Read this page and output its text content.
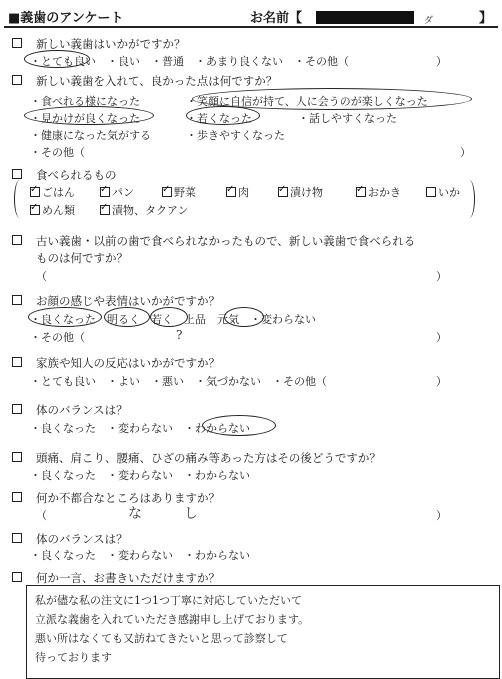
■義歯のアンケート	お名前【	ダ	】
新しい義歯はいかがですか？
・とても良い　・良い　・普通　・あまり良くない　・その他（	）
新しい義歯を入れて、良かった点は何ですか？
・食べれる様になった	・笑顔に自信が持て、人に会うのが楽しくなった
・見かけが良くなった	・若くなった	・話しやすくなった
・健康になった気がする	・歩きやすくなった
・その他（	）
食べられるもの
✓ごはん ✓	パン ✓	野菜 ✓	肉 ✓	漬け物 ✓	おかき	いか
✓めん類 ✓	漬物、タクアン
古い義歯・以前の歯で食べられなかったもので、新しい義歯で食べられる
ものは何ですか？
（	）
お顔の感じや表情はいかがですか？
・良くなった　明るく　若く　上品　元気　・変わらない
・その他（	?	）
家族や知人の反応はいかがですか？
・とても良い　・よい　・悪い　・気づかない　・その他（	）
体のバランスは？
・良くなった　・変わらない　・わからない
頭痛、肩こり、腰痛、ひざの痛み等あった方はその後どうですか？
・良くなった　・変わらない　・わからない
何か不都合なところはありますか？
（	な　　　し	）
体のバランスは？
・良くなった　・変わらない　・わからない
何か一言、お書きいただけますか？
私が儘な私の注文に1つ1つ丁寧に対応していただいて
立派な義歯を入れていただき感謝申し上げております。
悪い所はなくても又訪ねてきたいと思って診察して
待っております
